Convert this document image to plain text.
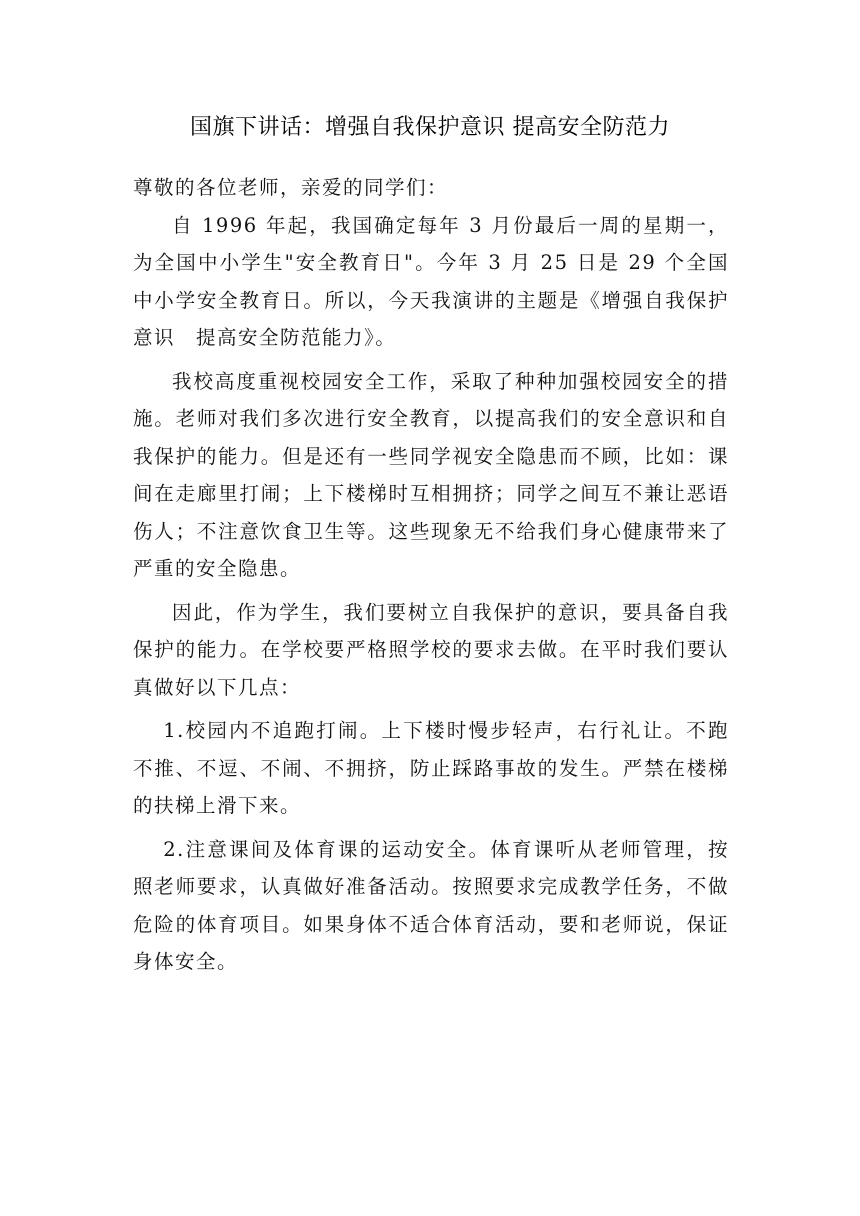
国旗下讲话：增强自我保护意识 提高安全防范力

尊敬的各位老师，亲爱的同学们：

自 1996 年起，我国确定每年 3 月份最后一周的星期一，为全国中小学生"安全教育日"。今年 3 月 25 日是 29 个全国中小学安全教育日。所以，今天我演讲的主题是《增强自我保护意识　提高安全防范能力》。

我校高度重视校园安全工作，采取了种种加强校园安全的措施。老师对我们多次进行安全教育，以提高我们的安全意识和自我保护的能力。但是还有一些同学视安全隐患而不顾，比如：课间在走廊里打闹；上下楼梯时互相拥挤；同学之间互不兼让恶语伤人；不注意饮食卫生等。这些现象无不给我们身心健康带来了严重的安全隐患。

因此，作为学生，我们要树立自我保护的意识，要具备自我保护的能力。在学校要严格照学校的要求去做。在平时我们要认真做好以下几点：

1.校园内不追跑打闹。上下楼时慢步轻声，右行礼让。不跑不推、不逗、不闹、不拥挤，防止踩路事故的发生。严禁在楼梯的扶梯上滑下来。

2.注意课间及体育课的运动安全。体育课听从老师管理，按照老师要求，认真做好准备活动。按照要求完成教学任务，不做危险的体育项目。如果身体不适合体育活动，要和老师说，保证身体安全。
